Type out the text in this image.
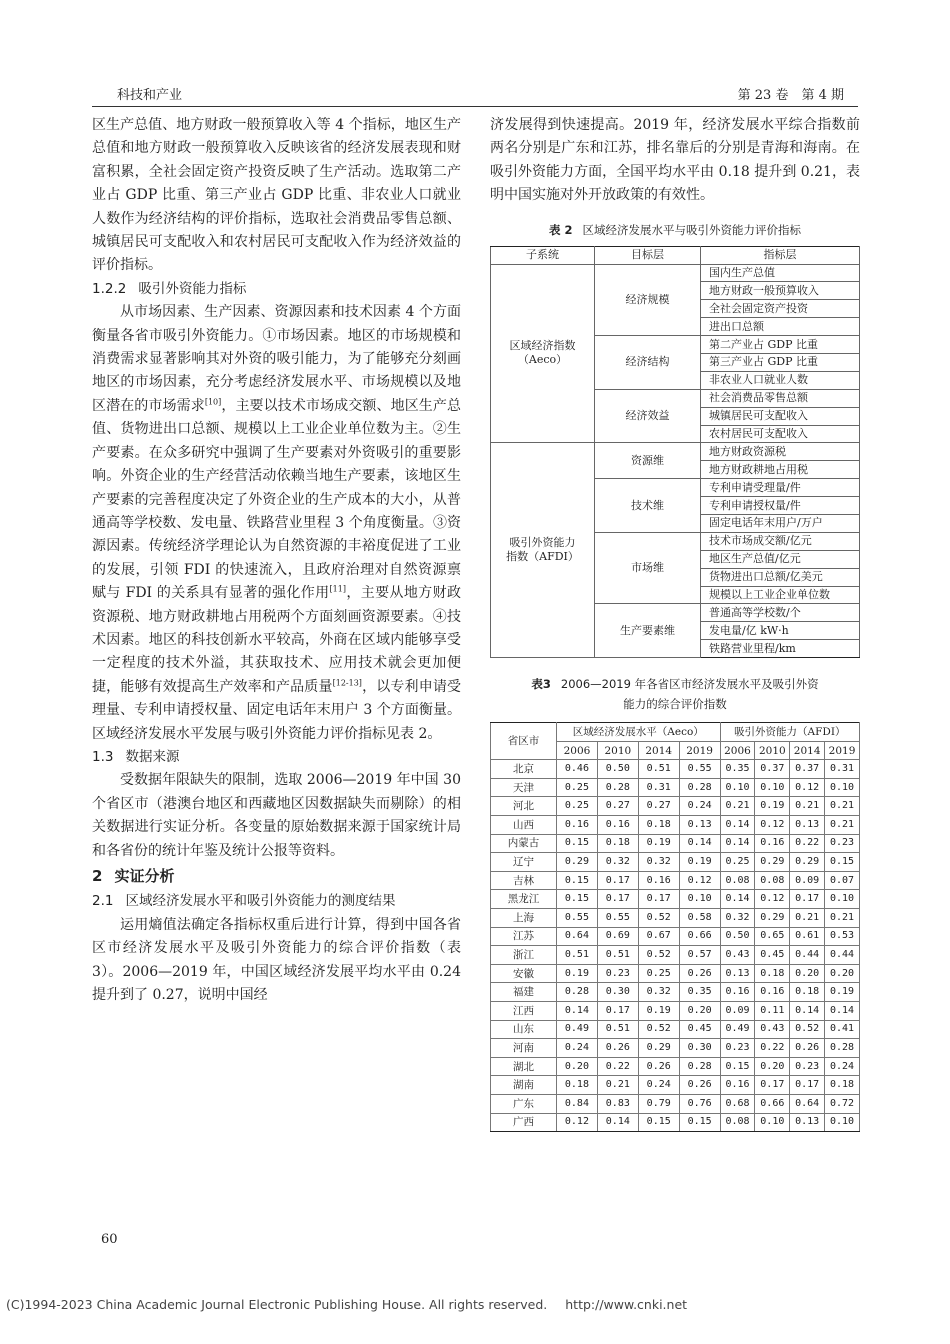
科技和产业	第 23 卷　第 4 期

区生产总值、地方财政一般预算收入等 4 个指标，地区生产总值和地方财政一般预算收入反映该省的经济发展表现和财富积累，全社会固定资产投资反映了生产活动。选取第二产业占 GDP 比重、第三产业占 GDP 比重、非农业人口就业人数作为经济结构的评价指标，选取社会消费品零售总额、城镇居民可支配收入和农村居民可支配收入作为经济效益的评价指标。

1.2.2 吸引外资能力指标

从市场因素、生产因素、资源因素和技术因素 4 个方面衡量各省市吸引外资能力。①市场因素。地区的市场规模和消费需求显著影响其对外资的吸引能力，为了能够充分刻画地区的市场因素，充分考虑经济发展水平、市场规模以及地区潜在的市场需求[10]，主要以技术市场成交额、地区生产总值、货物进出口总额、规模以上工业企业单位数为主。②生产要素。在众多研究中强调了生产要素对外资吸引的重要影响。外资企业的生产经营活动依赖当地生产要素，该地区生产要素的完善程度决定了外资企业的生产成本的大小，从普通高等学校数、发电量、铁路营业里程 3 个角度衡量。③资源因素。传统经济学理论认为自然资源的丰裕度促进了工业的发展，引领 FDI 的快速流入，且政府治理对自然资源禀赋与 FDI 的关系具有显著的强化作用[11]，主要从地方财政资源税、地方财政耕地占用税两个方面刻画资源要素。④技术因素。地区的科技创新水平较高，外商在区域内能够享受一定程度的技术外溢，其获取技术、应用技术就会更加便捷，能够有效提高生产效率和产品质量[12-13]，以专利申请受理量、专利申请授权量、固定电话年末用户 3 个方面衡量。区域经济发展水平发展与吸引外资能力评价指标见表 2。

1.3 数据来源

受数据年限缺失的限制，选取 2006—2019 年中国 30 个省区市（港澳台地区和西藏地区因数据缺失而剔除）的相关数据进行实证分析。各变量的原始数据来源于国家统计局和各省份的统计年鉴及统计公报等资料。

2 实证分析
2.1 区域经济发展水平和吸引外资能力的测度结果

运用熵值法确定各指标权重后进行计算，得到中国各省区市经济发展水平及吸引外资能力的综合评价指数（表 3）。2006—2019 年，中国区域经济发展平均水平由 0.24 提升到了 0.27，说明中国经

济发展得到快速提高。2019 年，经济发展水平综合指数前两名分别是广东和江苏，排名靠后的分别是青海和海南。在吸引外资能力方面，全国平均水平由 0.18 提升到 0.21，表明中国实施对外开放政策的有效性。

表 2 区域经济发展水平与吸引外资能力评价指标
子系统	目标层	指标层
区域经济指数
（Aeco）	经济规模	国内生产总值
		地方财政一般预算收入
		全社会固定资产投资
		进出口总额
	经济结构	第二产业占 GDP 比重
		第三产业占 GDP 比重
		非农业人口就业人数
	经济效益	社会消费品零售总额
		城镇居民可支配收入
		农村居民可支配收入
吸引外资能力
指数（AFDI）	资源维	地方财政资源税
		地方财政耕地占用税
	技术维	专利申请受理量/件
		专利申请授权量/件
		固定电话年末用户/万户
	市场维	技术市场成交额/亿元
		地区生产总值/亿元
		货物进出口总额/亿美元
		规模以上工业企业单位数
	生产要素维	普通高等学校数/个
		发电量/亿 kW·h
		铁路营业里程/km
表3 2006—2019 年各省区市经济发展水平及吸引外资
能力的综合评价指数
省区市	区域经济发展水平（Aeco）				吸引外资能力（AFDI）			
	2006	2010	2014	2019	2006	2010	2014	2019
北京	0.46	0.50	0.51	0.55	0.35	0.37	0.37	0.31
天津	0.25	0.28	0.31	0.28	0.10	0.10	0.12	0.10
河北	0.25	0.27	0.27	0.24	0.21	0.19	0.21	0.21
山西	0.16	0.16	0.18	0.13	0.14	0.12	0.13	0.21
内蒙古	0.15	0.18	0.19	0.14	0.14	0.16	0.22	0.23
辽宁	0.29	0.32	0.32	0.19	0.25	0.29	0.29	0.15
吉林	0.15	0.17	0.16	0.12	0.08	0.08	0.09	0.07
黑龙江	0.15	0.17	0.17	0.10	0.14	0.12	0.17	0.10
上海	0.55	0.55	0.52	0.58	0.32	0.29	0.21	0.21
江苏	0.64	0.69	0.67	0.66	0.50	0.65	0.61	0.53
浙江	0.51	0.51	0.52	0.57	0.43	0.45	0.44	0.44
安徽	0.19	0.23	0.25	0.26	0.13	0.18	0.20	0.20
福建	0.28	0.30	0.32	0.35	0.16	0.16	0.18	0.19
江西	0.14	0.17	0.19	0.20	0.09	0.11	0.14	0.14
山东	0.49	0.51	0.52	0.45	0.49	0.43	0.52	0.41
河南	0.24	0.26	0.29	0.30	0.23	0.22	0.26	0.28
湖北	0.20	0.22	0.26	0.28	0.15	0.20	0.23	0.24
湖南	0.18	0.21	0.24	0.26	0.16	0.17	0.17	0.18
广东	0.84	0.83	0.79	0.76	0.68	0.66	0.64	0.72
广西	0.12	0.14	0.15	0.15	0.08	0.10	0.13	0.10
60
(C)1994-2023 China Academic Journal Electronic Publishing House. All rights reserved. http://www.cnki.net
